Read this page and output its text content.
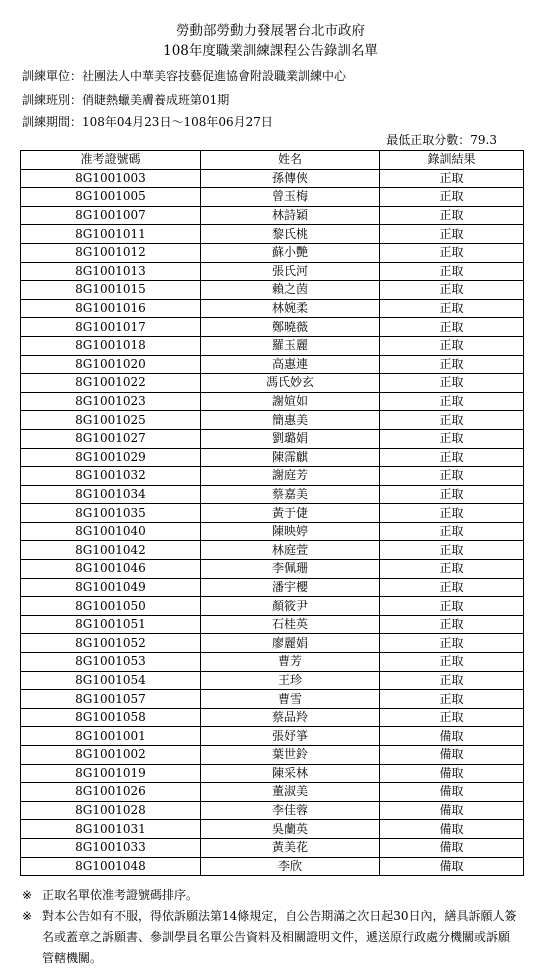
勞動部勞動力發展署台北市政府
108年度職業訓練課程公告錄訓名單
訓練單位：社團法人中華美容技藝促進協會附設職業訓練中心
訓練班別：俏睫熱蠟美膚養成班第01期
訓練期間：108年04月23日～108年06月27日
最低正取分數：79.3
准考證號碼	姓名	錄訓結果
8G1001003	孫傳俠	正取
8G1001005	曾玉梅	正取
8G1001007	林詩穎	正取
8G1001011	黎氏桃	正取
8G1001012	蘇小艷	正取
8G1001013	張氏河	正取
8G1001015	賴之茵	正取
8G1001016	林婉柔	正取
8G1001017	鄭曉薇	正取
8G1001018	羅玉麗	正取
8G1001020	高惠連	正取
8G1001022	馮氏妙玄	正取
8G1001023	謝媗如	正取
8G1001025	簡惠美	正取
8G1001027	劉璐娟	正取
8G1001029	陳霈麒	正取
8G1001032	謝庭芳	正取
8G1001034	蔡嘉美	正取
8G1001035	黃于倢	正取
8G1001040	陳映婷	正取
8G1001042	林庭萱	正取
8G1001046	李佩珊	正取
8G1001049	潘宇櫻	正取
8G1001050	顏筱尹	正取
8G1001051	石桂英	正取
8G1001052	廖麗娟	正取
8G1001053	曹芳	正取
8G1001054	王珍	正取
8G1001057	曹雪	正取
8G1001058	蔡品羚	正取
8G1001001	張妤箏	備取
8G1001002	葉世鈴	備取
8G1001019	陳采林	備取
8G1001026	董淑美	備取
8G1001028	李佳蓉	備取
8G1001031	吳蘭英	備取
8G1001033	黃美花	備取
8G1001048	李欣	備取
※ 正取名單依准考證號碼排序。
※ 對本公告如有不服，得依訴願法第14條規定，自公告期滿之次日起30日內，繕具訴願人簽名或蓋章之訴願書、參訓學員名單公告資料及相關證明文件，遞送原行政處分機關或訴願管轄機關。
